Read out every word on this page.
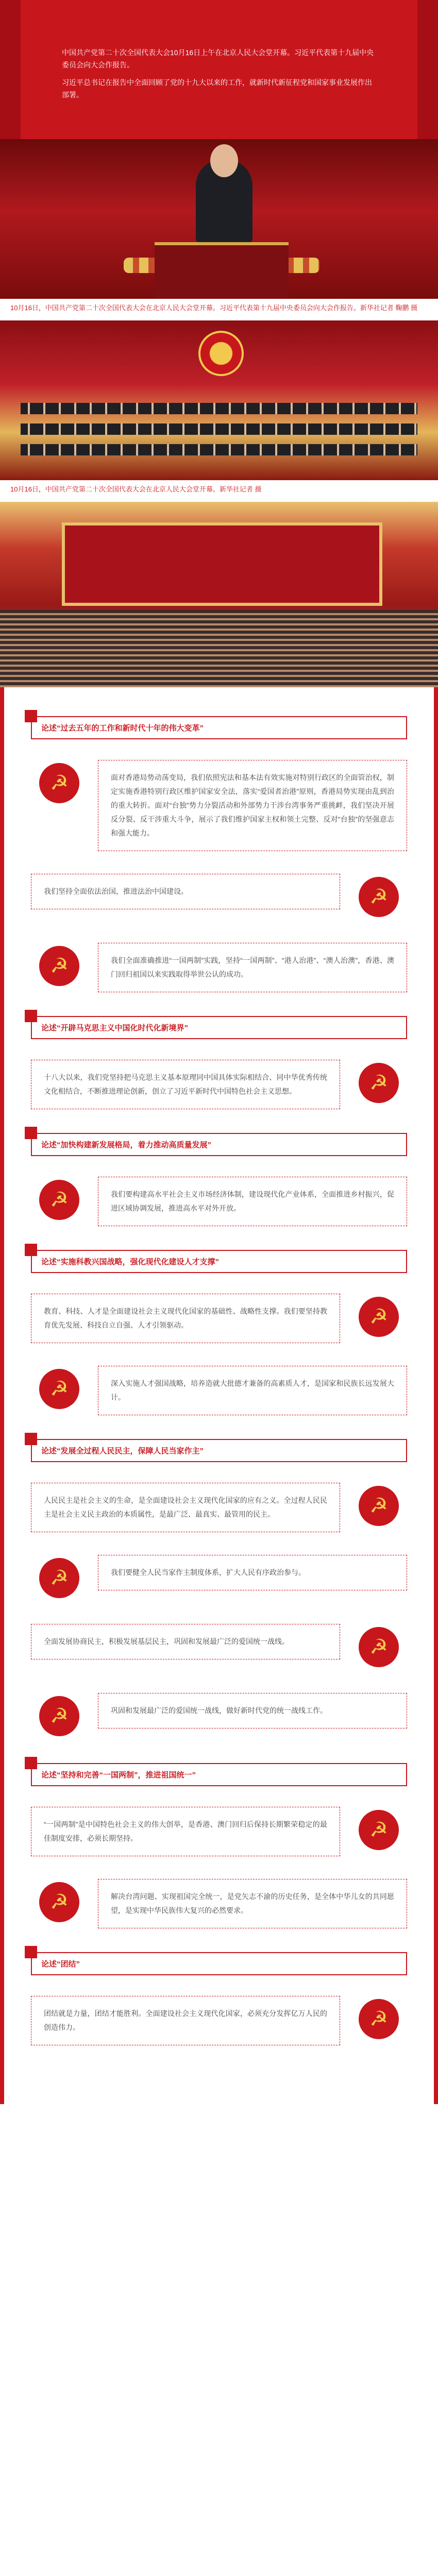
中国共产党第二十次全国代表大会10月16日上午在北京人民大会堂开幕。习近平代表第十九届中央委员会向大会作报告。

习近平总书记在报告中全面回顾了党的十九大以来的工作，就新时代新征程党和国家事业发展作出部署。

10月16日，中国共产党第二十次全国代表大会在北京人民大会堂开幕。习近平代表第十九届中央委员会向大会作报告。新华社记者 鞠鹏 摄
10月16日，中国共产党第二十次全国代表大会在北京人民大会堂开幕。新华社记者 摄
论述“过去五年的工作和新时代十年的伟大变革”
☭	面对香港局势动荡变局，我们依照宪法和基本法有效实施对特别行政区的全面管治权，制定实施香港特别行政区维护国家安全法，落实“爱国者治港”原则，香港局势实现由乱到治的重大转折。面对“台独”势力分裂活动和外部势力干涉台湾事务严重挑衅，我们坚决开展反分裂、反干涉重大斗争，展示了我们维护国家主权和领土完整、反对“台独”的坚强意志和强大能力。
☭
我们坚持全面依法治国，推进法治中国建设。
☭	我们全面准确推进“一国两制”实践，坚持“一国两制”、“港人治港”、“澳人治澳”，香港、澳门回归祖国以来实践取得举世公认的成功。
论述“开辟马克思主义中国化时代化新境界”
☭
十八大以来，我们党坚持把马克思主义基本原理同中国具体实际相结合、同中华优秀传统文化相结合，不断推进理论创新，创立了习近平新时代中国特色社会主义思想。
论述“加快构建新发展格局，着力推动高质量发展”
☭	我们要构建高水平社会主义市场经济体制，建设现代化产业体系，全面推进乡村振兴，促进区域协调发展，推进高水平对外开放。
论述“实施科教兴国战略，强化现代化建设人才支撑”
☭
教育、科技、人才是全面建设社会主义现代化国家的基础性、战略性支撑。我们要坚持教育优先发展、科技自立自强、人才引领驱动。
☭	深入实施人才强国战略，培养造就大批德才兼备的高素质人才，是国家和民族长远发展大计。
论述“发展全过程人民民主，保障人民当家作主”
☭
人民民主是社会主义的生命，是全面建设社会主义现代化国家的应有之义。全过程人民民主是社会主义民主政治的本质属性，是最广泛、最真实、最管用的民主。
☭	我们要健全人民当家作主制度体系，扩大人民有序政治参与。
☭
全面发展协商民主，积极发展基层民主，巩固和发展最广泛的爱国统一战线。
☭	巩固和发展最广泛的爱国统一战线，做好新时代党的统一战线工作。
论述“坚持和完善“一国两制”，推进祖国统一”
☭
“一国两制”是中国特色社会主义的伟大创举，是香港、澳门回归后保持长期繁荣稳定的最佳制度安排，必须长期坚持。
☭	解决台湾问题、实现祖国完全统一，是党矢志不渝的历史任务，是全体中华儿女的共同愿望，是实现中华民族伟大复兴的必然要求。
论述“团结”
☭
团结就是力量，团结才能胜利。全面建设社会主义现代化国家，必须充分发挥亿万人民的创造伟力。
